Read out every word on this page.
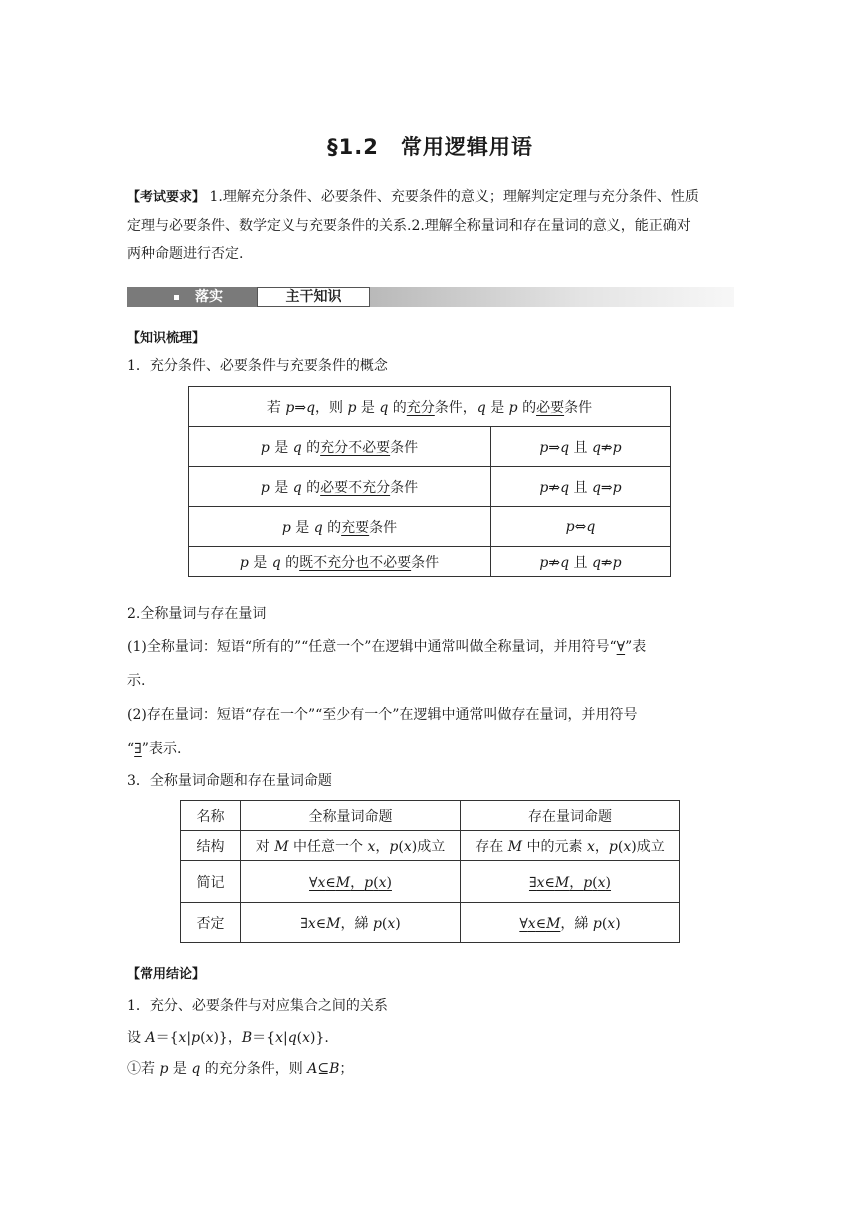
§1.2 常用逻辑用语
【考试要求】 1.理解充分条件、必要条件、充要条件的意义；理解判定定理与充分条件、性质
定理与必要条件、数学定义与充要条件的关系.2.理解全称量词和存在量词的意义，能正确对
两种命题进行否定.
落实	主干知识
【知识梳理】
1．充分条件、必要条件与充要条件的概念
若 p⇒q，则 p 是 q 的充分条件，q 是 p 的必要条件	
p 是 q 的充分不必要条件	p⇒q 且 q⇏p
p 是 q 的必要不充分条件	p⇏q 且 q⇒p
p 是 q 的充要条件	p⇔q
p 是 q 的既不充分也不必要条件	p⇏q 且 q⇏p
2.全称量词与存在量词
(1)全称量词：短语“所有的”“任意一个”在逻辑中通常叫做全称量词，并用符号“∀”表
示.
(2)存在量词：短语“存在一个”“至少有一个”在逻辑中通常叫做存在量词，并用符号
“∃”表示.
3．全称量词命题和存在量词命题
名称	全称量词命题	存在量词命题
结构	对 M 中任意一个 x，p(x)成立	存在 M 中的元素 x，p(x)成立
简记	∀x∈M，p(x)	∃x∈M，p(x)
否定	∃x∈M，綈 p(x)	∀x∈M，綈 p(x)
【常用结论】
1．充分、必要条件与对应集合之间的关系
设 A＝{x|p(x)}，B＝{x|q(x)}.
①若 p 是 q 的充分条件，则 A⊆B；
